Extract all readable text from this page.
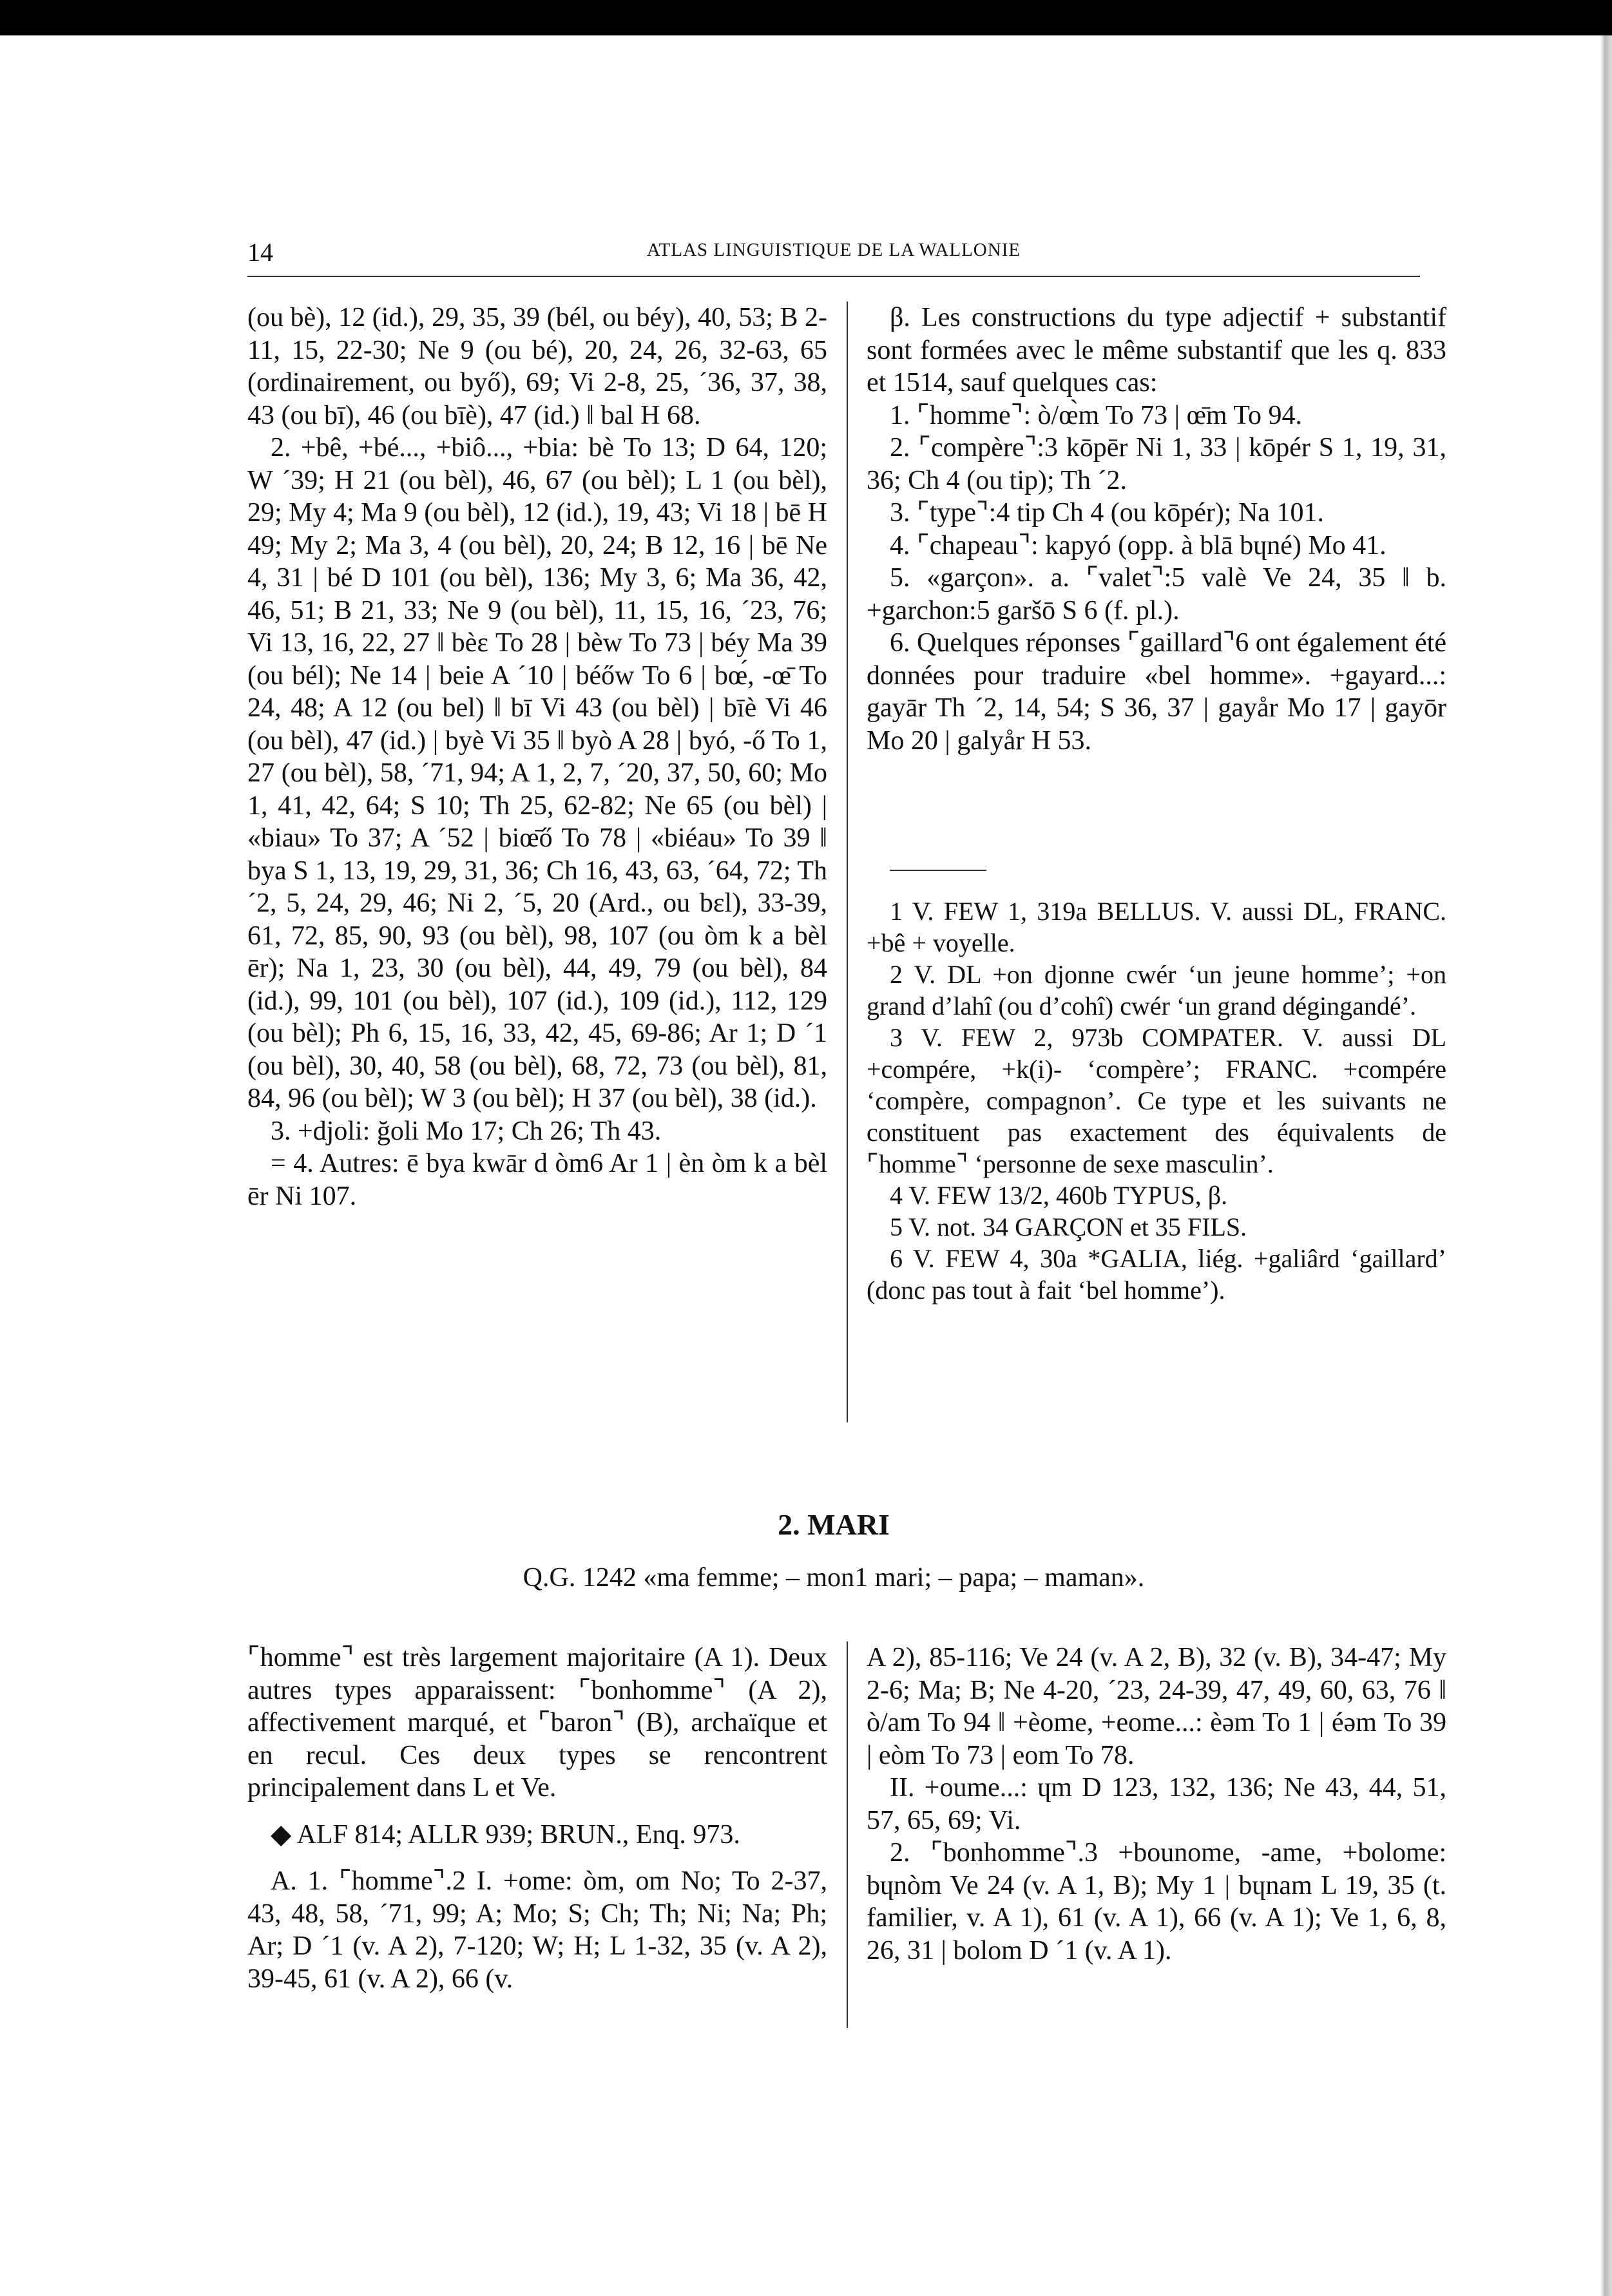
14	ATLAS LINGUISTIQUE DE LA WALLONIE

(ou bè), 12 (id.), 29, 35, 39 (bél, ou béy), 40, 53; B 2-11, 15, 22-30; Ne 9 (ou bé), 20, 24, 26, 32-63, 65 (ordinairement, ou byő), 69; Vi 2-8, 25, ´36, 37, 38, 43 (ou bī), 46 (ou bīè), 47 (id.) ‖ bal H 68.

2. +bê, +bé..., +biô..., +bia: bè To 13; D 64, 120; W ´39; H 21 (ou bèl), 46, 67 (ou bèl); L 1 (ou bèl), 29; My 4; Ma 9 (ou bèl), 12 (id.), 19, 43; Vi 18 | bē H 49; My 2; Ma 3, 4 (ou bèl), 20, 24; B 12, 16 | bē Ne 4, 31 | bé D 101 (ou bèl), 136; My 3, 6; Ma 36, 42, 46, 51; B 21, 33; Ne 9 (ou bèl), 11, 15, 16, ´23, 76; Vi 13, 16, 22, 27 ‖ bèε To 28 | bèw To 73 | béy Ma 39 (ou bél); Ne 14 | beie A ´10 | béőw To 6 | bœ́, -œ̄ To 24, 48; A 12 (ou bel) ‖ bī Vi 43 (ou bèl) | bīè Vi 46 (ou bèl), 47 (id.) | byè Vi 35 ‖ byò A 28 | byó, -ő To 1, 27 (ou bèl), 58, ´71, 94; A 1, 2, 7, ´20, 37, 50, 60; Mo 1, 41, 42, 64; S 10; Th 25, 62-82; Ne 65 (ou bèl) | «biau» To 37; A ´52 | biœ̄ő To 78 | «biéau» To 39 ‖ bya S 1, 13, 19, 29, 31, 36; Ch 16, 43, 63, ´64, 72; Th ´2, 5, 24, 29, 46; Ni 2, ´5, 20 (Ard., ou bεl), 33-39, 61, 72, 85, 90, 93 (ou bèl), 98, 107 (ou òm k a bèl ēr); Na 1, 23, 30 (ou bèl), 44, 49, 79 (ou bèl), 84 (id.), 99, 101 (ou bèl), 107 (id.), 109 (id.), 112, 129 (ou bèl); Ph 6, 15, 16, 33, 42, 45, 69-86; Ar 1; D ´1 (ou bèl), 30, 40, 58 (ou bèl), 68, 72, 73 (ou bèl), 81, 84, 96 (ou bèl); W 3 (ou bèl); H 37 (ou bèl), 38 (id.).

3. +djoli: ğoli Mo 17; Ch 26; Th 43.

= 4. Autres: ē bya kwār d òm6 Ar 1 | èn òm k a bèl ēr Ni 107.

β. Les constructions du type adjectif + substantif sont formées avec le même substantif que les q. 833 et 1514, sauf quelques cas:

1. ⌜homme⌝: ò/œ̀m To 73 | œ̄m To 94.

2. ⌜compère⌝:3 kōpēr Ni 1, 33 | kōpér S 1, 19, 31, 36; Ch 4 (ou tip); Th ´2.

3. ⌜type⌝:4 tip Ch 4 (ou kōpér); Na 101.

4. ⌜chapeau⌝: kapyó (opp. à blā bɥné) Mo 41.

5. «garçon». a. ⌜valet⌝:5 valè Ve 24, 35 ‖ b. +garchon:5 garšō S 6 (f. pl.).

6. Quelques réponses ⌜gaillard⌝6 ont également été données pour traduire «bel homme». +gayard...: gayār Th ´2, 14, 54; S 36, 37 | gayår Mo 17 | gayōr Mo 20 | galyår H 53.

1 V. FEW 1, 319a BELLUS. V. aussi DL, FRANC. +bê + voyelle.

2 V. DL +on djonne cwér ‘un jeune homme’; +on grand d’lahî (ou d’cohî) cwér ‘un grand dégingandé’.

3 V. FEW 2, 973b COMPATER. V. aussi DL +compére, +k(i)- ‘compère’; FRANC. +compére ‘compère, compagnon’. Ce type et les suivants ne constituent pas exactement des équivalents de ⌜homme⌝ ‘personne de sexe masculin’.

4 V. FEW 13/2, 460b TYPUS, β.

5 V. not. 34 GARÇON et 35 FILS.

6 V. FEW 4, 30a *GALIA, liég. +galiârd ‘gaillard’ (donc pas tout à fait ‘bel homme’).

2. MARI
Q.G. 1242 «ma femme; – mon1 mari; – papa; – maman».

⌜homme⌝ est très largement majoritaire (A 1). Deux autres types apparaissent: ⌜bonhomme⌝ (A 2), affectivement marqué, et ⌜baron⌝ (B), archaïque et en recul. Ces deux types se rencontrent principalement dans L et Ve.

◆ ALF 814; ALLR 939; BRUN., Enq. 973.

A. 1. ⌜homme⌝.2 I. +ome: òm, om No; To 2-37, 43, 48, 58, ´71, 99; A; Mo; S; Ch; Th; Ni; Na; Ph; Ar; D ´1 (v. A 2), 7-120; W; H; L 1-32, 35 (v. A 2), 39-45, 61 (v. A 2), 66 (v.

A 2), 85-116; Ve 24 (v. A 2, B), 32 (v. B), 34-47; My 2-6; Ma; B; Ne 4-20, ´23, 24-39, 47, 49, 60, 63, 76 ‖ ò/am To 94 ‖ +èome, +eome...: èəm To 1 | éəm To 39 | eòm To 73 | eom To 78.

II. +oume...: ɥm D 123, 132, 136; Ne 43, 44, 51, 57, 65, 69; Vi.

2. ⌜bonhomme⌝.3 +bounome, -ame, +bolome: bɥnòm Ve 24 (v. A 1, B); My 1 | bɥnam L 19, 35 (t. familier, v. A 1), 61 (v. A 1), 66 (v. A 1); Ve 1, 6, 8, 26, 31 | bolom D ´1 (v. A 1).
